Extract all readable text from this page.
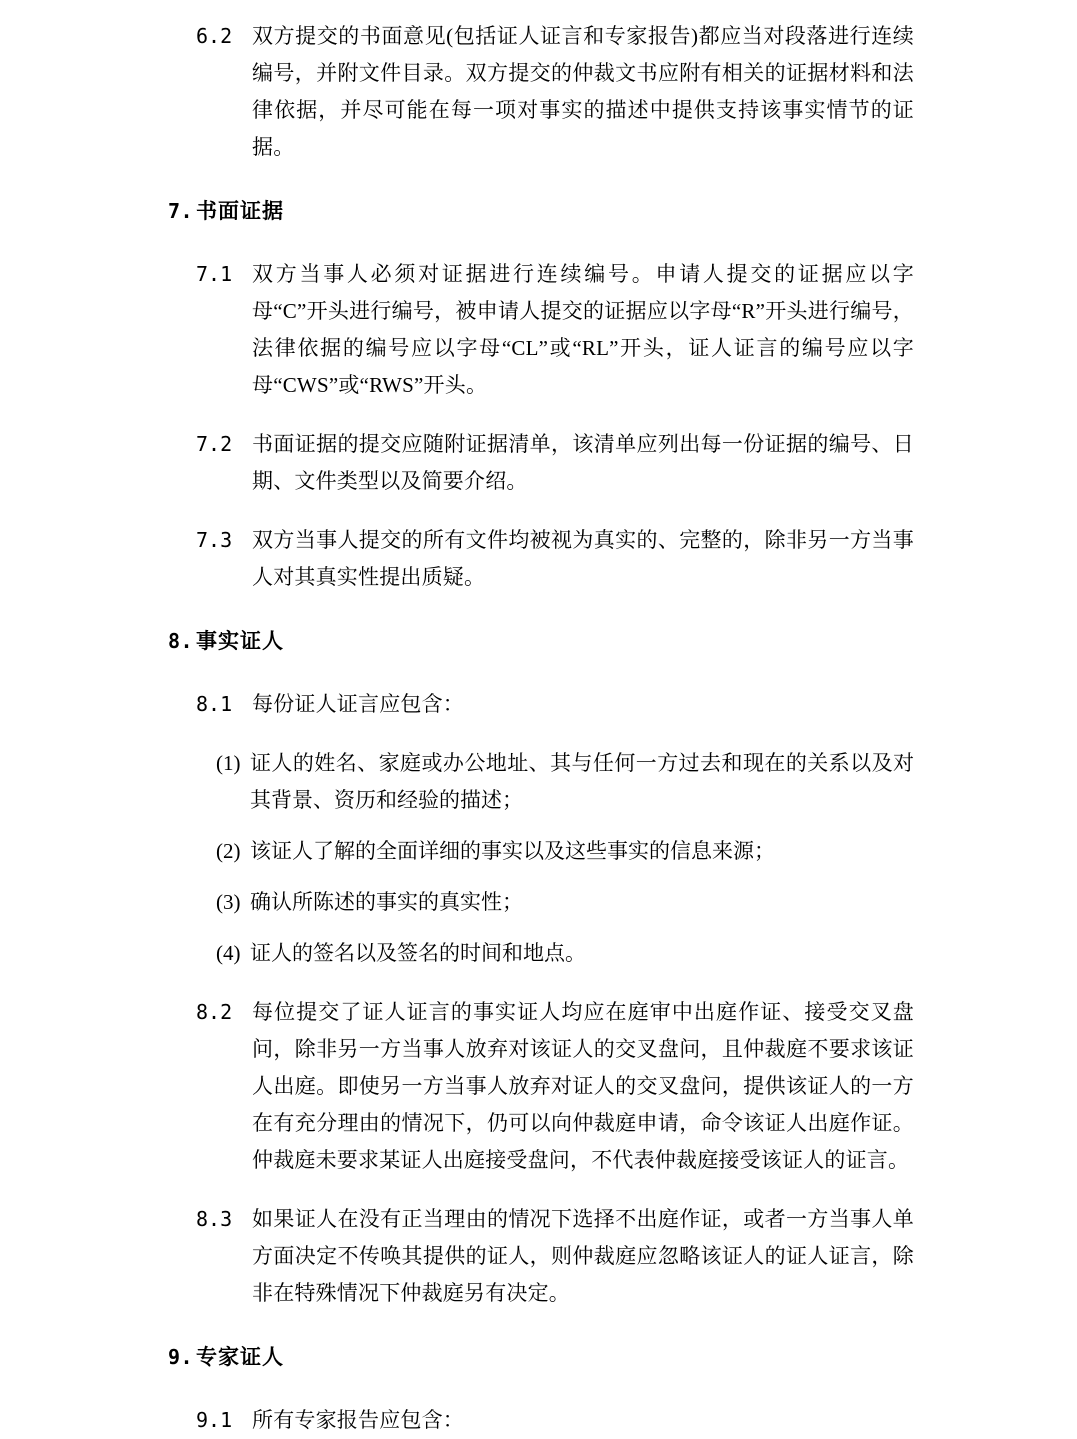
6.2 双方提交的书面意见(包括证人证言和专家报告)都应当对段落进行连续编号，并附文件目录。双方提交的仲裁文书应附有相关的证据材料和法律依据，并尽可能在每一项对事实的描述中提供支持该事实情节的证据。
7. 书面证据
7.1 双方当事人必须对证据进行连续编号。申请人提交的证据应以字母“C”开头进行编号，被申请人提交的证据应以字母“R”开头进行编号，法律依据的编号应以字母“CL”或“RL”开头，证人证言的编号应以字母“CWS”或“RWS”开头。
7.2 书面证据的提交应随附证据清单，该清单应列出每一份证据的编号、日期、文件类型以及简要介绍。
7.3 双方当事人提交的所有文件均被视为真实的、完整的，除非另一方当事人对其真实性提出质疑。
8. 事实证人
8.1 每份证人证言应包含：
(1) 证人的姓名、家庭或办公地址、其与任何一方过去和现在的关系以及对其背景、资历和经验的描述；
(2) 该证人了解的全面详细的事实以及这些事实的信息来源；
(3) 确认所陈述的事实的真实性；
(4) 证人的签名以及签名的时间和地点。
8.2 每位提交了证人证言的事实证人均应在庭审中出庭作证、接受交叉盘问，除非另一方当事人放弃对该证人的交叉盘问，且仲裁庭不要求该证人出庭。即使另一方当事人放弃对证人的交叉盘问，提供该证人的一方在有充分理由的情况下，仍可以向仲裁庭申请，命令该证人出庭作证。仲裁庭未要求某证人出庭接受盘问，不代表仲裁庭接受该证人的证言。
8.3 如果证人在没有正当理由的情况下选择不出庭作证，或者一方当事人单方面决定不传唤其提供的证人，则仲裁庭应忽略该证人的证人证言，除非在特殊情况下仲裁庭另有决定。
9. 专家证人
9.1 所有专家报告应包含：
